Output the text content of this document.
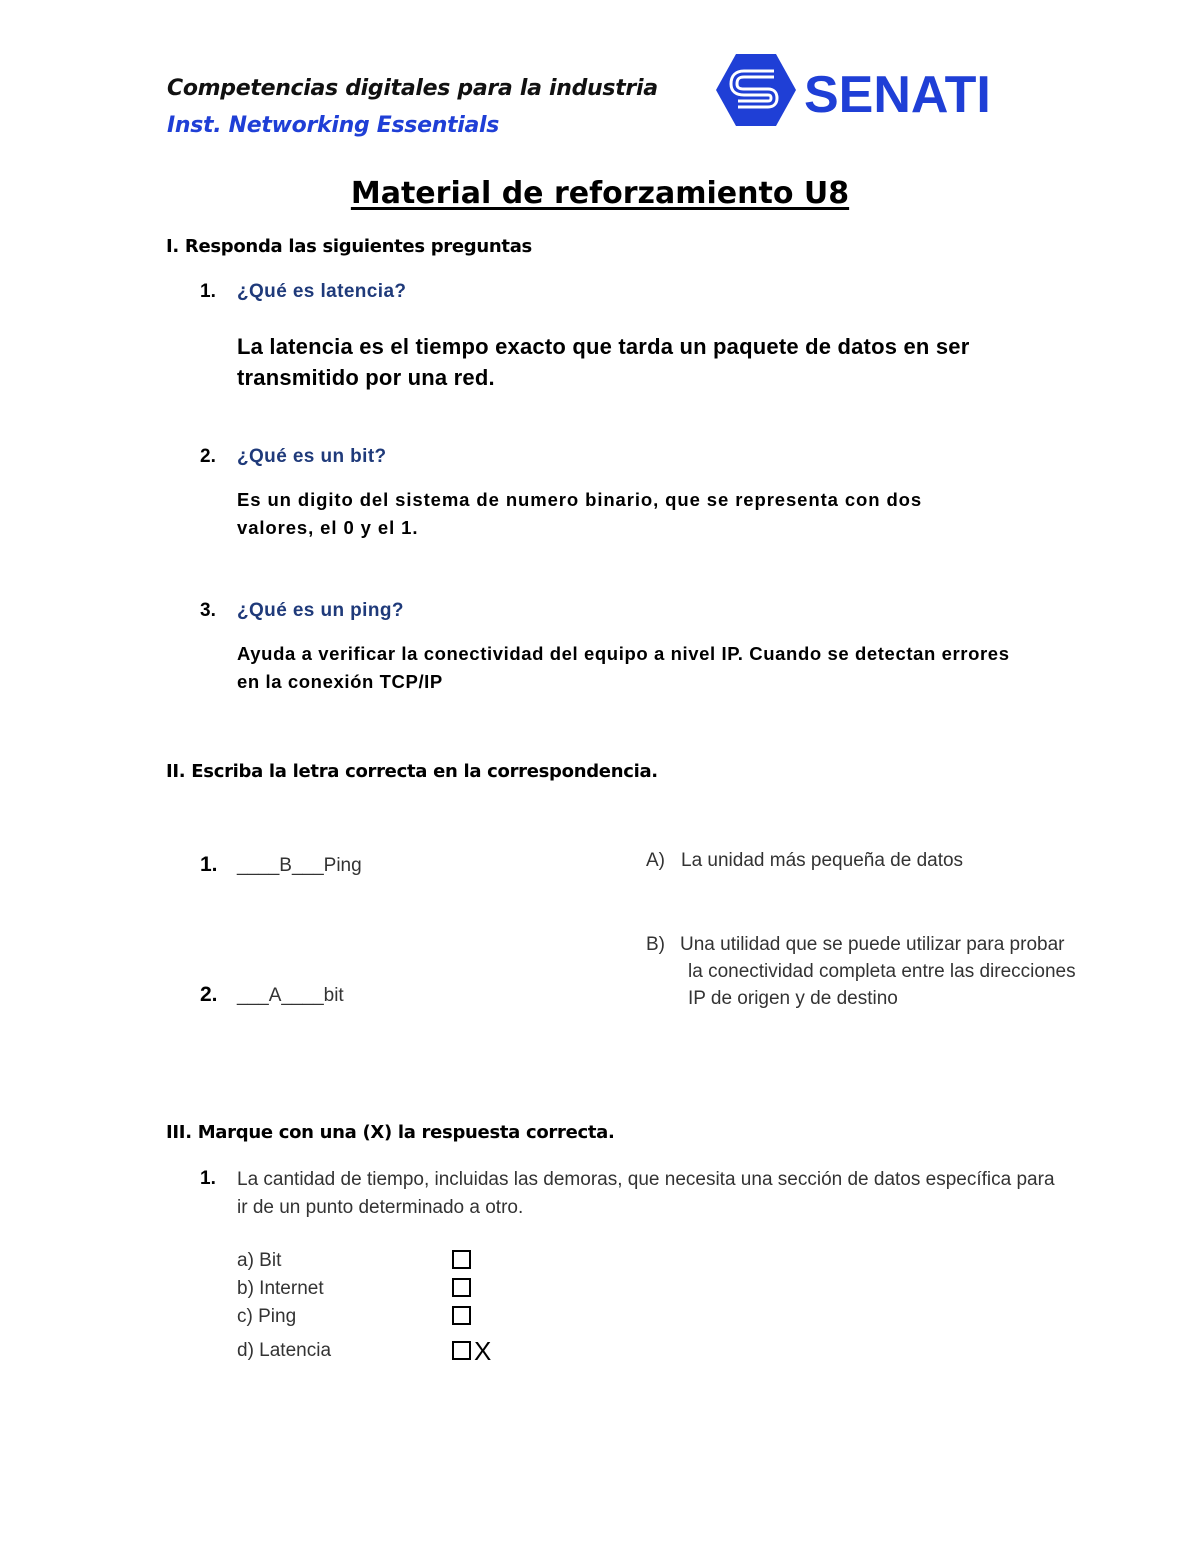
Competencias digitales para la industria
Inst. Networking Essentials
SENATI
Material de reforzamiento U8
I. Responda las siguientes preguntas
1. ¿Qué es latencia?
La latencia es el tiempo exacto que tarda un paquete de datos en ser transmitido por una red.
2. ¿Qué es un bit?
Es un digito del sistema de numero binario, que se representa con dos valores, el 0 y el 1.
3. ¿Qué es un ping?
Ayuda a verificar la conectividad del equipo a nivel IP. Cuando se detectan errores en la conexión TCP/IP
II. Escriba la letra correcta en la correspondencia.
1. ____B___Ping
2. ___A____bit
A) La unidad más pequeña de datos
B) Una utilidad que se puede utilizar para probar
la conectividad completa entre las direcciones
IP de origen y de destino
III. Marque con una (X) la respuesta correcta.
1. La cantidad de tiempo, incluidas las demoras, que necesita una sección de datos específica para ir de un punto determinado a otro.
a) Bit
b) Internet
c) Ping
d) Latencia	X
